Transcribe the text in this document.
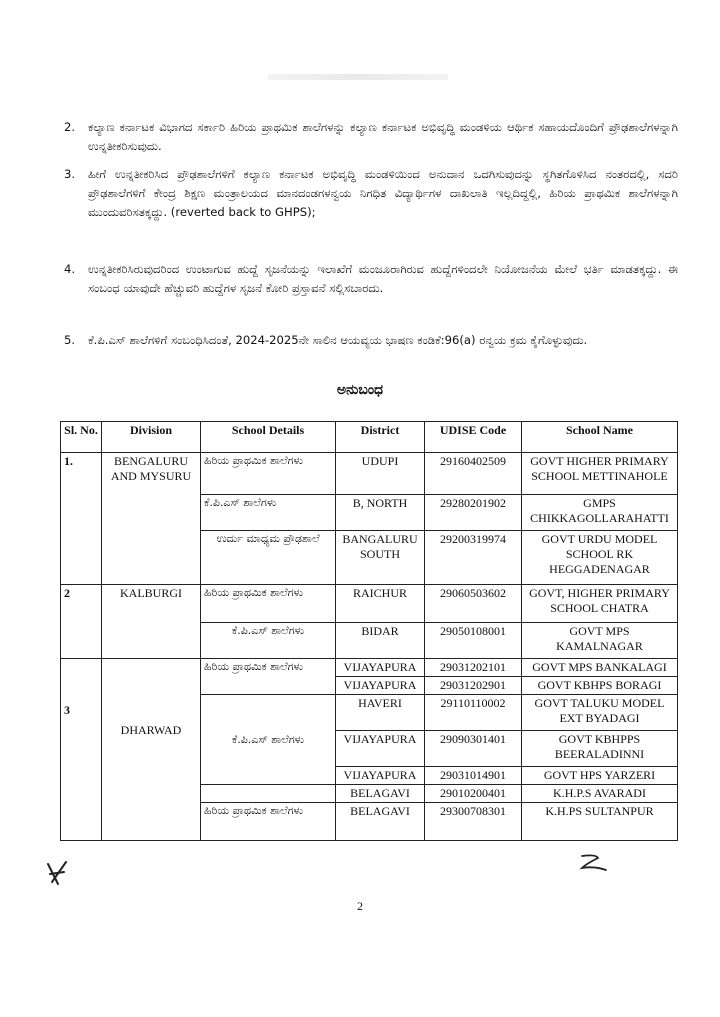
2. ಕಲ್ಯಾಣ ಕರ್ನಾಟಕ ವಿಭಾಗದ ಸರ್ಕಾರಿ ಹಿರಿಯ ಪ್ರಾಥಮಿಕ ಶಾಲೆಗಳನ್ನು ಕಲ್ಯಾಣ ಕರ್ನಾಟಕ ಅಭಿವೃದ್ಧಿ ಮಂಡಳಿಯ ಆರ್ಥಿಕ ಸಹಾಯದೊಂದಿಗೆ ಪ್ರೌಢಶಾಲೆಗಳನ್ನಾಗಿ ಉನ್ನತೀಕರಿಸುವುದು.
3. ಹೀಗೆ ಉನ್ನತೀಕರಿಸಿದ ಪ್ರೌಢಶಾಲೆಗಳಿಗೆ ಕಲ್ಯಾಣ ಕರ್ನಾಟಕ ಅಭಿವೃದ್ಧಿ ಮಂಡಳಿಯಿಂದ ಅನುದಾನ ಒದಗಿಸುವುದನ್ನು ಸ್ಥಗಿತಗೊಳಿಸಿದ ನಂತರದಲ್ಲಿ, ಸದರಿ ಪ್ರೌಢಶಾಲೆಗಳಿಗೆ ಕೇಂದ್ರ ಶಿಕ್ಷಣ ಮಂತ್ರಾಲಯದ ಮಾನದಂಡಗಳನ್ವಯ ನಿಗಧಿತ ವಿದ್ಯಾರ್ಥಿಗಳ ದಾಖಲಾತಿ ಇಲ್ಲದಿದ್ದಲ್ಲಿ, ಹಿರಿಯ ಪ್ರಾಥಮಿಕ ಶಾಲೆಗಳನ್ನಾಗಿ ಮುಂದುವರಿಸತಕ್ಕದ್ದು. (reverted back to GHPS);
4. ಉನ್ನತೀಕರಿಸಿರುವುದರಿಂದ ಉಂಟಾಗುವ ಹುದ್ದೆ ಸೃಜನೆಯನ್ನು ಇಲಾಖೆಗೆ ಮಂಜೂರಾಗಿರುವ ಹುದ್ದೆಗಳಿಂದಲೇ ನಿಯೋಜನೆಯ ಮೇಲೆ ಭರ್ತಿ ಮಾಡತಕ್ಕದ್ದು. ಈ ಸಂಬಂಧ ಯಾವುದೇ ಹೆಚ್ಚುವರಿ ಹುದ್ದೆಗಳ ಸೃಜನೆ ಕೋರಿ ಪ್ರಸ್ತಾವನೆ ಸಲ್ಲಿಸಬಾರದು.
5. ಕೆ.ಪಿ.ಎಸ್ ಶಾಲೆಗಳಿಗೆ ಸಂಬಂಧಿಸಿದಂತೆ, 2024-2025ನೇ ಸಾಲಿನ ಆಯವ್ಯಯ ಭಾಷಣ ಕಂಡಿಕೆ:96(a) ರನ್ವಯ ಕ್ರಮ ಕೈಗೊಳ್ಳುವುದು.
ಅನುಬಂಧ
Sl. No.	Division	School Details	District	UDISE Code	School Name
1.	BENGALURU AND MYSURU	ಹಿರಿಯ ಪ್ರಾಥಮಿಕ ಶಾಲೆಗಳು	UDUPI	29160402509	GOVT HIGHER PRIMARY SCHOOL METTINAHOLE
		ಕೆ.ಪಿ.ಎಸ್ ಶಾಲೆಗಳು	B, NORTH	29280201902	GMPS CHIKKAGOLLARAHATTI
		ಉರ್ದು ಮಾಧ್ಯಮ ಪ್ರೌಢಶಾಲೆ	BANGALURU SOUTH	29200319974	GOVT URDU MODEL SCHOOL RK HEGGADENAGAR
2	KALBURGI	ಹಿರಿಯ ಪ್ರಾಥಮಿಕ ಶಾಲೆಗಳು	RAICHUR	29060503602	GOVT, HIGHER PRIMARY SCHOOL CHATRA
		ಕೆ.ಪಿ.ಎಸ್ ಶಾಲೆಗಳು	BIDAR	29050108001	GOVT MPS KAMALNAGAR
3	DHARWAD	ಹಿರಿಯ ಪ್ರಾಥಮಿಕ ಶಾಲೆಗಳು	VIJAYAPURA	29031202101	GOVT MPS BANKALAGI
			VIJAYAPURA	29031202901	GOVT KBHPS BORAGI
		ಕೆ.ಪಿ.ಎಸ್ ಶಾಲೆಗಳು	HAVERI	29110110002	GOVT TALUKU MODEL EXT BYADAGI
			VIJAYAPURA	29090301401	GOVT KBHPPS BEERALADINNI
			VIJAYAPURA	29031014901	GOVT HPS YARZERI
			BELAGAVI	29010200401	K.H.P.S AVARADI
		ಹಿರಿಯ ಪ್ರಾಥಮಿಕ ಶಾಲೆಗಳು	BELAGAVI	29300708301	K.H.PS SULTANPUR
2
